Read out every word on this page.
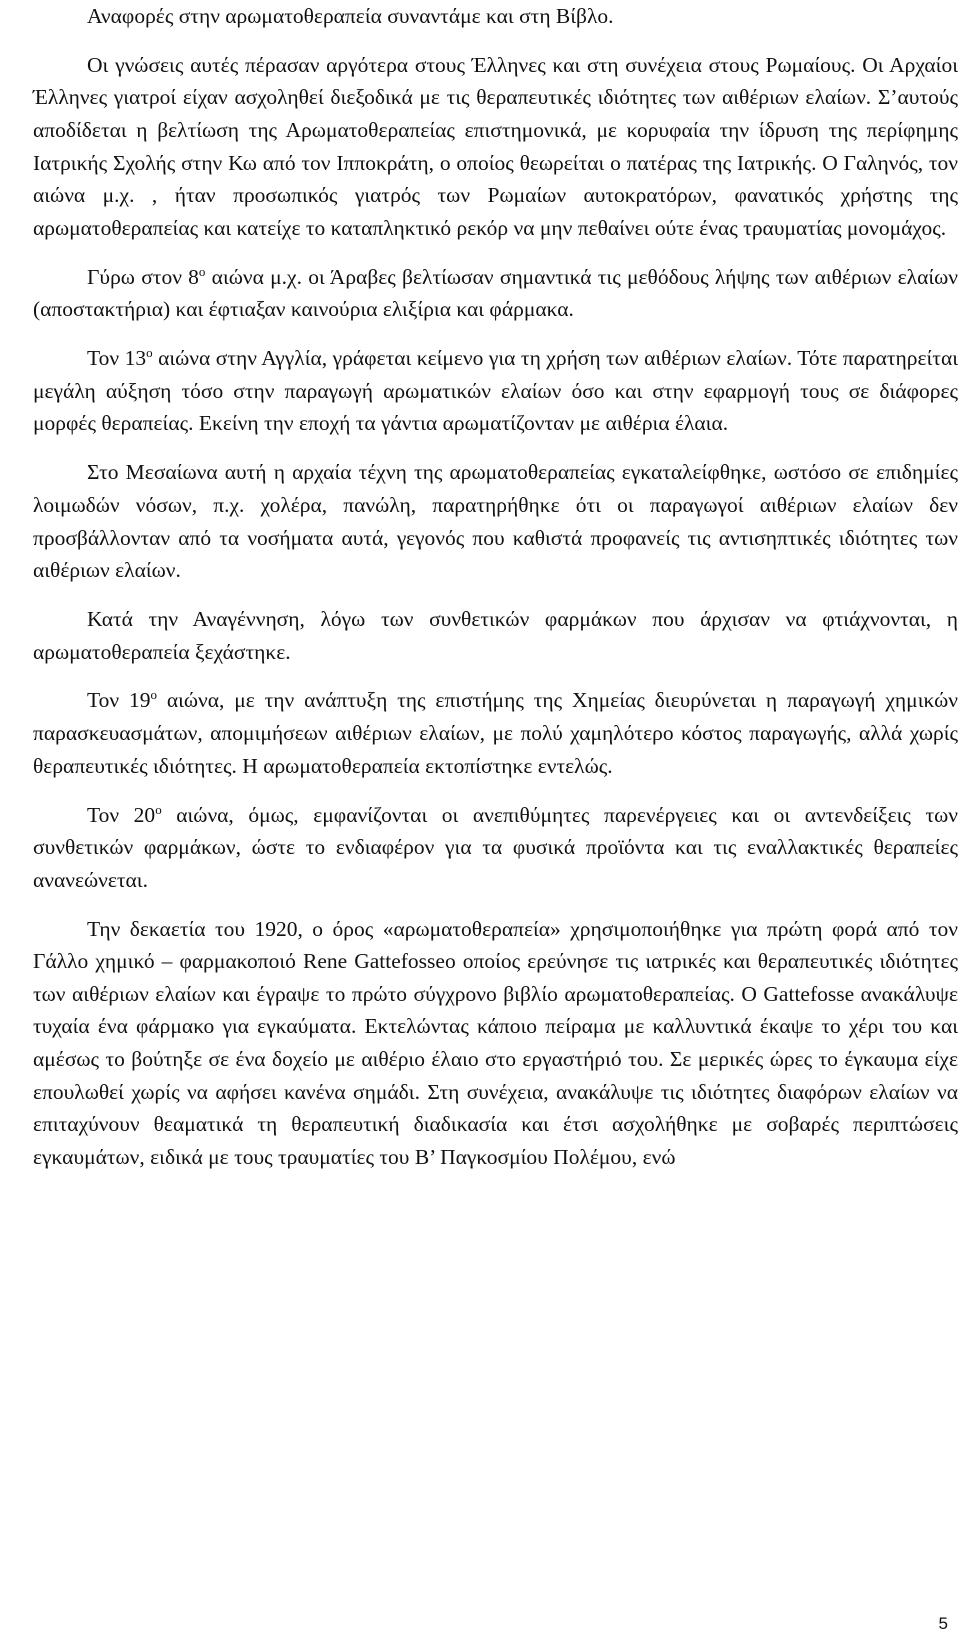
Αναφορές στην αρωματοθεραπεία συναντάμε και στη Βίβλο.

Οι γνώσεις αυτές πέρασαν αργότερα στους Έλληνες και στη συνέχεια στους Ρωμαίους. Οι Αρχαίοι Έλληνες γιατροί είχαν ασχοληθεί διεξοδικά με τις θεραπευτικές ιδιότητες των αιθέριων ελαίων. Σ’αυτούς αποδίδεται η βελτίωση της Αρωματοθεραπείας επιστημονικά, με κορυφαία την ίδρυση της περίφημης Ιατρικής Σχολής στην Κω από τον Ιπποκράτη, ο οποίος θεωρείται ο πατέρας της Ιατρικής. Ο Γαληνός, τον αιώνα μ.χ. , ήταν προσωπικός γιατρός των Ρωμαίων αυτοκρατόρων, φανατικός χρήστης της αρωματοθεραπείας και κατείχε το καταπληκτικό ρεκόρ να μην πεθαίνει ούτε ένας τραυματίας μονομάχος.

Γύρω στον $8^o$ αιώνα μ.χ. οι Άραβες βελτίωσαν σημαντικά τις μεθόδους λήψης των αιθέριων ελαίων (αποστακτήρια) και έφτιαξαν καινούρια ελιξίρια και φάρμακα.

Τον $13^o$ αιώνα στην Αγγλία, γράφεται κείμενο για τη χρήση των αιθέριων ελαίων. Τότε παρατηρείται μεγάλη αύξηση τόσο στην παραγωγή αρωματικών ελαίων όσο και στην εφαρμογή τους σε διάφορες μορφές θεραπείας. Εκείνη την εποχή τα γάντια αρωματίζονταν με αιθέρια έλαια.

Στο Μεσαίωνα αυτή η αρχαία τέχνη της αρωματοθεραπείας εγκαταλείφθηκε, ωστόσο σε επιδημίες λοιμωδών νόσων, π.χ. χολέρα, πανώλη, παρατηρήθηκε ότι οι παραγωγοί αιθέριων ελαίων δεν προσβάλλονταν από τα νοσήματα αυτά, γεγονός που καθιστά προφανείς τις αντισηπτικές ιδιότητες των αιθέριων ελαίων.

Κατά την Αναγέννηση, λόγω των συνθετικών φαρμάκων που άρχισαν να φτιάχνονται, η αρωματοθεραπεία ξεχάστηκε.

Τον $19^o$ αιώνα, με την ανάπτυξη της επιστήμης της Χημείας διευρύνεται η παραγωγή χημικών παρασκευασμάτων, απομιμήσεων αιθέριων ελαίων, με πολύ χαμηλότερο κόστος παραγωγής, αλλά χωρίς θεραπευτικές ιδιότητες. Η αρωματοθεραπεία εκτοπίστηκε εντελώς.

Τον $20^o$ αιώνα, όμως, εμφανίζονται οι ανεπιθύμητες παρενέργειες και οι αντενδείξεις των συνθετικών φαρμάκων, ώστε το ενδιαφέρον για τα φυσικά προϊόντα και τις εναλλακτικές θεραπείες ανανεώνεται.

Την δεκαετία του 1920, ο όρος «αρωματοθεραπεία» χρησιμοποιήθηκε για πρώτη φορά από τον Γάλλο χημικό – φαρμακοποιό Rene Gattefosseo οποίος ερεύνησε τις ιατρικές και θεραπευτικές ιδιότητες των αιθέριων ελαίων και έγραψε το πρώτο σύγχρονο βιβλίο αρωματοθεραπείας. Ο Gattefosse ανακάλυψε τυχαία ένα φάρμακο για εγκαύματα. Εκτελώντας κάποιο πείραμα με καλλυντικά έκαψε το χέρι του και αμέσως το βούτηξε σε ένα δοχείο με αιθέριο έλαιο στο εργαστήριό του. Σε μερικές ώρες το έγκαυμα είχε επουλωθεί χωρίς να αφήσει κανένα σημάδι. Στη συνέχεια, ανακάλυψε τις ιδιότητες διαφόρων ελαίων να επιταχύνουν θεαματικά τη θεραπευτική διαδικασία και έτσι ασχολήθηκε με σοβαρές περιπτώσεις εγκαυμάτων, ειδικά με τους τραυματίες του Β’ Παγκοσμίου Πολέμου, ενώ

5
